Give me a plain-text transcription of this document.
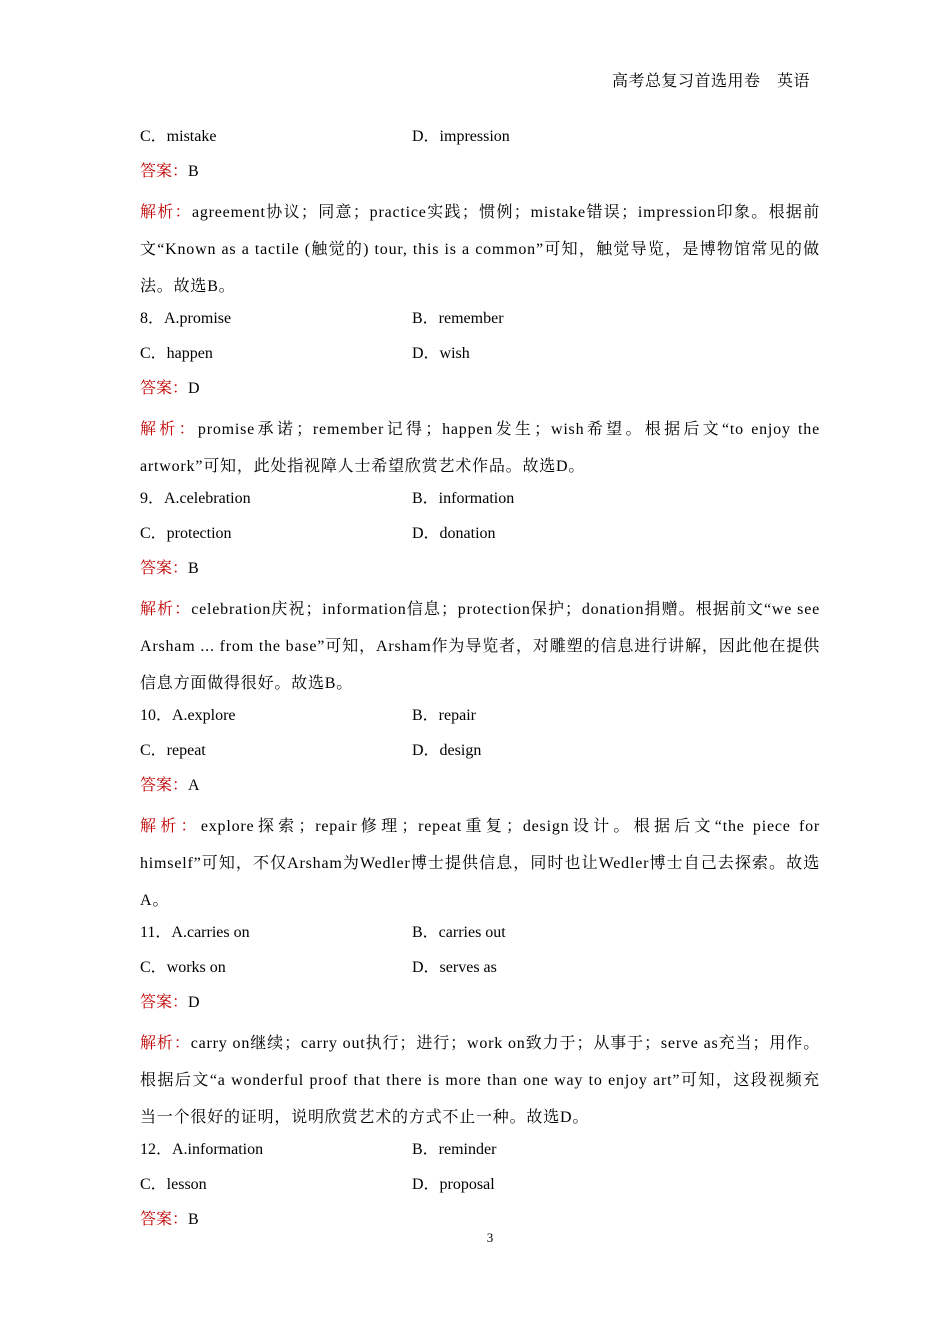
高考总复习首选用卷　英语
C．mistake	D．impression
答案：B
解析：agreement协议；同意；practice实践；惯例；mistake错误；impression印象。根据前文“Known as a tactile (触觉的) tour, this is a common”可知，触觉导览，是博物馆常见的做法。故选B。
8．A.promise	B．remember
C．happen	D．wish
答案：D
解析：promise承诺；remember记得；happen发生；wish希望。根据后文“to enjoy the artwork”可知，此处指视障人士希望欣赏艺术作品。故选D。
9．A.celebration	B．information
C．protection	D．donation
答案：B
解析：celebration庆祝；information信息；protection保护；donation捐赠。根据前文“we see Arsham ... from the base”可知，Arsham作为导览者，对雕塑的信息进行讲解，因此他在提供信息方面做得很好。故选B。
10．A.explore	B．repair
C．repeat	D．design
答案：A
解析：explore探索；repair修理；repeat重复；design设计。根据后文“the piece for himself”可知，不仅Arsham为Wedler博士提供信息，同时也让Wedler博士自己去探索。故选A。
11．A.carries on	B．carries out
C．works on	D．serves as
答案：D
解析：carry on继续；carry out执行；进行；work on致力于；从事于；serve as充当；用作。根据后文“a wonderful proof that there is more than one way to enjoy art”可知，这段视频充当一个很好的证明，说明欣赏艺术的方式不止一种。故选D。
12．A.information	B．reminder
C．lesson	D．proposal
答案：B
3
